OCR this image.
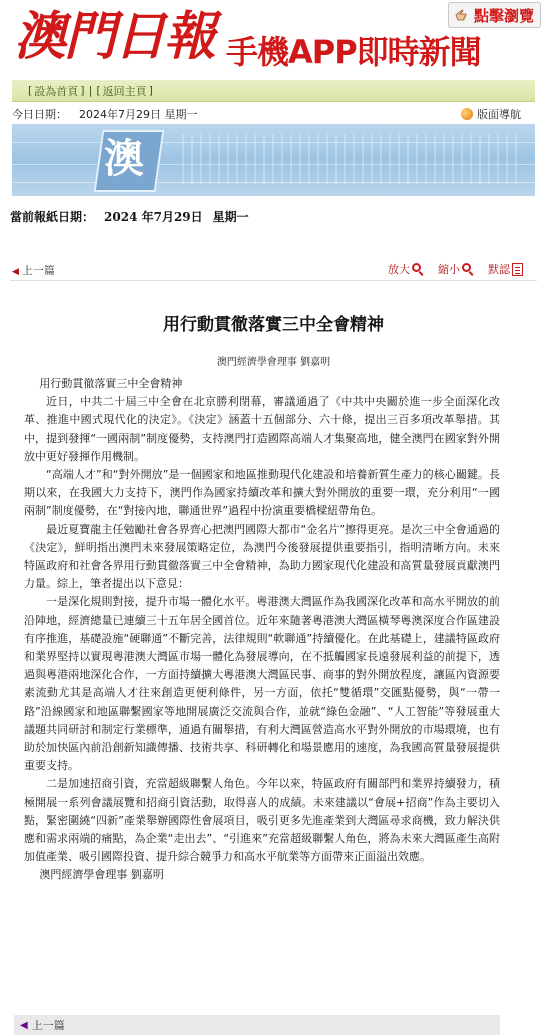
澳門日報 手機APP即時新聞
點擊瀏覽
[ 設為首頁 ] | [ 返回主頁 ]
今日日期： 2024年7月29日 星期一	版面導航
澳
當前報紙日期： 2024 年7月29日 星期一
◀ 上一篇	放大	縮小	默認
用行動貫徹落實三中全會精神
澳門經濟學會理事 劉嘉明

用行動貫徹落實三中全會精神

近日，中共二十屆三中全會在北京勝利閉幕，審議通過了《中共中央關於進一步全面深化改革、推進中國式現代化的決定》。《決定》涵蓋十五個部分、六十條，提出三百多項改革舉措。其中，提到發揮“一國兩制”制度優勢，支持澳門打造國際高端人才集聚高地，健全澳門在國家對外開放中更好發揮作用機制。

“高端人才”和“對外開放”是一個國家和地區推動現代化建設和培養新質生產力的核心關鍵。長期以來，在我國大力支持下，澳門作為國家持續改革和擴大對外開放的重要一環，充分利用“一國兩制”制度優勢，在“對接內地，聯通世界”過程中扮演重要橋樑紐帶角色。

最近夏寶龍主任勉勵社會各界齊心把澳門國際大都市“金名片”擦得更亮。是次三中全會通過的《決定》，鮮明指出澳門未來發展策略定位，為澳門今後發展提供重要指引，指明清晰方向。未來特區政府和社會各界用行動貫徹落實三中全會精神，為助力國家現代化建設和高質量發展貢獻澳門力量。綜上，筆者提出以下意見：

一是深化規則對接，提升市場一體化水平。粵港澳大灣區作為我國深化改革和高水平開放的前沿陣地，經濟總量已連續三十五年居全國首位。近年來隨著粵港澳大灣區橫琴粵澳深度合作區建設有序推進，基礎設施“硬聯通”不斷完善，法律規則“軟聯通”持續優化。在此基礎上，建議特區政府和業界堅持以實現粵港澳大灣區市場一體化為發展導向，在不抵觸國家長遠發展利益的前提下，透過與粵港兩地深化合作，一方面持續擴大粵港澳大灣區民事、商事的對外開放程度，讓區內資源要素流動尤其是高端人才往來創造更便利條件，另一方面，依托“雙循環”交匯點優勢，與“一帶一路”沿線國家和地區聯繫國家等地開展廣泛交流與合作，並就“綠色金融”、“人工智能”等發展重大議題共同研討和制定行業標準，通過有關舉措，有利大灣區營造高水平對外開放的市場環境，也有助於加快區內前沿創新知識傳播、技術共享、科研轉化和場景應用的速度，為我國高質量發展提供重要支持。

二是加速招商引資，充當超級聯繫人角色。今年以來，特區政府有關部門和業界持續發力，積極開展一系列會議展覽和招商引資活動，取得喜人的成績。未來建議以“會展+招商”作為主要切入點，緊密圍繞“四新”產業舉辦國際性會展項目，吸引更多先進產業到大灣區尋求商機，致力解決供應和需求兩端的痛點，為企業“走出去”、“引進來”充當超級聯繫人角色，將為未來大灣區產生高附加值產業、吸引國際投資、提升綜合競爭力和高水平航業等方面帶來正面溢出效應。

澳門經濟學會理事 劉嘉明

◀ 上一篇
